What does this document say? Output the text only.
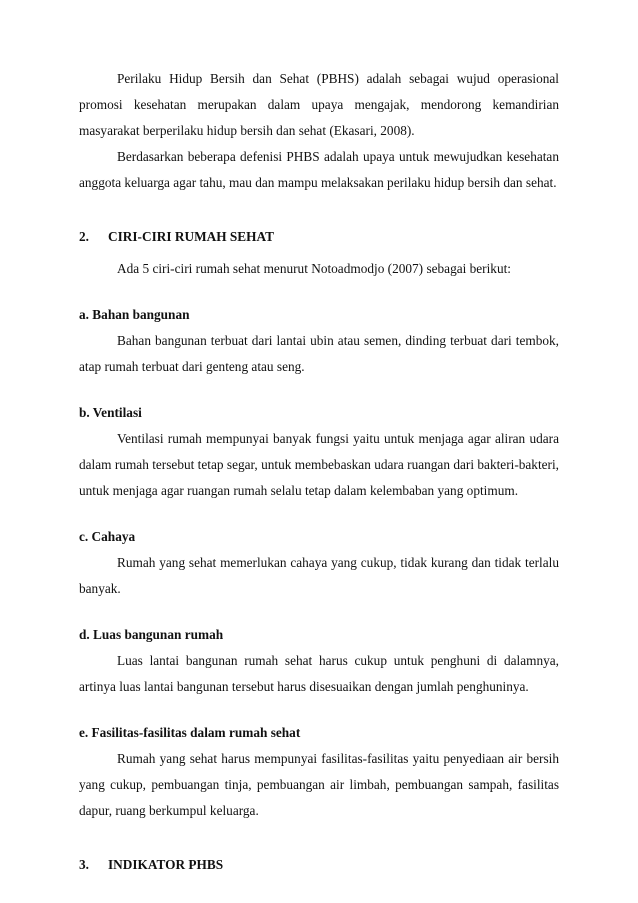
Perilaku Hidup Bersih dan Sehat (PBHS) adalah sebagai wujud operasional promosi kesehatan merupakan dalam upaya mengajak, mendorong kemandirian masyarakat berperilaku hidup bersih dan sehat (Ekasari, 2008).

Berdasarkan beberapa defenisi PHBS adalah upaya untuk mewujudkan kesehatan anggota keluarga agar tahu, mau dan mampu melaksakan perilaku hidup bersih dan sehat.

2.	CIRI-CIRI RUMAH SEHAT

Ada 5 ciri-ciri rumah sehat menurut Notoadmodjo (2007) sebagai berikut:

a. Bahan bangunan

Bahan bangunan terbuat dari lantai ubin atau semen, dinding terbuat dari tembok, atap rumah terbuat dari genteng atau seng.

b. Ventilasi

Ventilasi rumah mempunyai banyak fungsi yaitu untuk menjaga agar aliran udara dalam rumah tersebut tetap segar, untuk membebaskan udara ruangan dari bakteri-bakteri, untuk menjaga agar ruangan rumah selalu tetap dalam kelembaban yang optimum.

c. Cahaya

Rumah yang sehat memerlukan cahaya yang cukup, tidak kurang dan tidak terlalu banyak.

d. Luas bangunan rumah

Luas lantai bangunan rumah sehat harus cukup untuk penghuni di dalamnya, artinya luas lantai bangunan tersebut harus disesuaikan dengan jumlah penghuninya.

e. Fasilitas-fasilitas dalam rumah sehat

Rumah yang sehat harus mempunyai fasilitas-fasilitas yaitu penyediaan air bersih yang cukup, pembuangan tinja, pembuangan air limbah, pembuangan sampah, fasilitas dapur, ruang berkumpul keluarga.

3.	INDIKATOR PHBS
